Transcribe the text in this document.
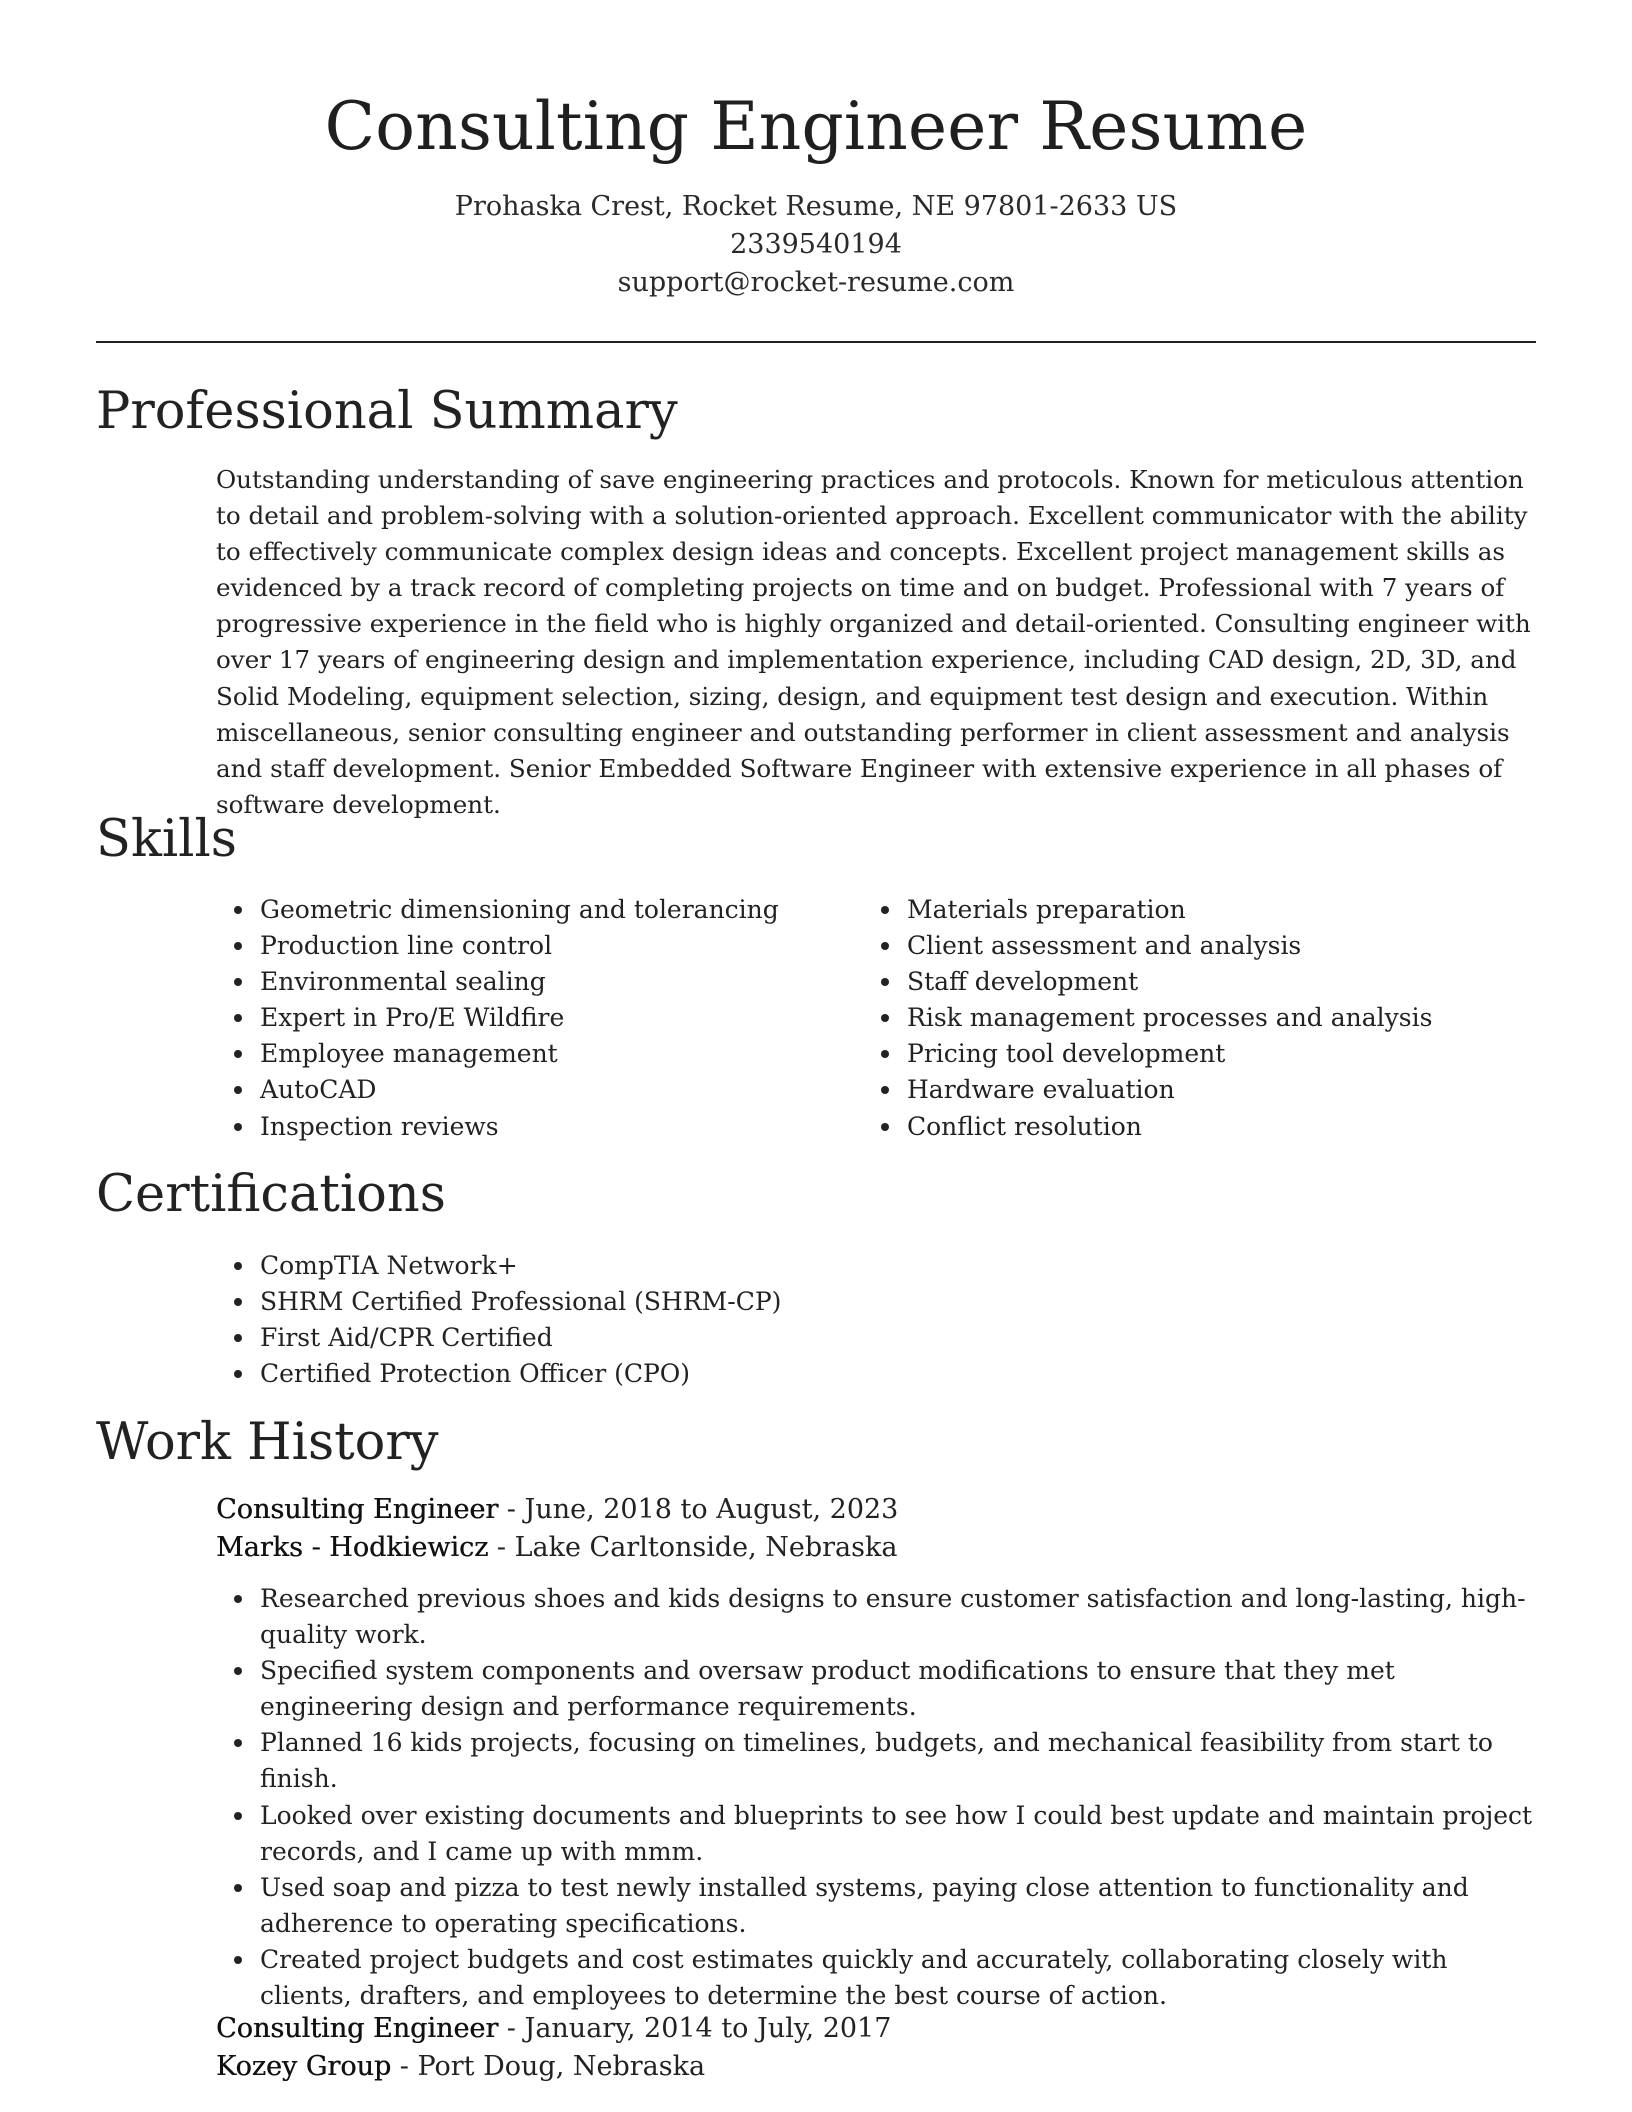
Consulting Engineer Resume
Prohaska Crest, Rocket Resume, NE 97801-2633 US
2339540194
support@rocket-resume.com
Professional Summary

Outstanding understanding of save engineering practices and protocols. Known for meticulous attention to detail and problem-solving with a solution-oriented approach. Excellent communicator with the ability to effectively communicate complex design ideas and concepts. Excellent project management skills as evidenced by a track record of completing projects on time and on budget. Professional with 7 years of progressive experience in the field who is highly organized and detail-oriented. Consulting engineer with over 17 years of engineering design and implementation experience, including CAD design, 2D, 3D, and Solid Modeling, equipment selection, sizing, design, and equipment test design and execution. Within miscellaneous, senior consulting engineer and outstanding performer in client assessment and analysis and staff development. Senior Embedded Software Engineer with extensive experience in all phases of software development.

Skills
Geometric dimensioning and tolerancing
Production line control
Environmental sealing
Expert in Pro/E Wildfire
Employee management
AutoCAD
Inspection reviews
Materials preparation
Client assessment and analysis
Staff development
Risk management processes and analysis
Pricing tool development
Hardware evaluation
Conflict resolution
Certifications
CompTIA Network+
SHRM Certified Professional (SHRM-CP)
First Aid/CPR Certified
Certified Protection Officer (CPO)
Work History
Consulting Engineer - June, 2018 to August, 2023
Marks - Hodkiewicz - Lake Carltonside, Nebraska
Researched previous shoes and kids designs to ensure customer satisfaction and long-lasting, high-quality work.
Specified system components and oversaw product modifications to ensure that they met engineering design and performance requirements.
Planned 16 kids projects, focusing on timelines, budgets, and mechanical feasibility from start to finish.
Looked over existing documents and blueprints to see how I could best update and maintain project records, and I came up with mmm.
Used soap and pizza to test newly installed systems, paying close attention to functionality and adherence to operating specifications.
Created project budgets and cost estimates quickly and accurately, collaborating closely with clients, drafters, and employees to determine the best course of action.
Consulting Engineer - January, 2014 to July, 2017
Kozey Group - Port Doug, Nebraska
